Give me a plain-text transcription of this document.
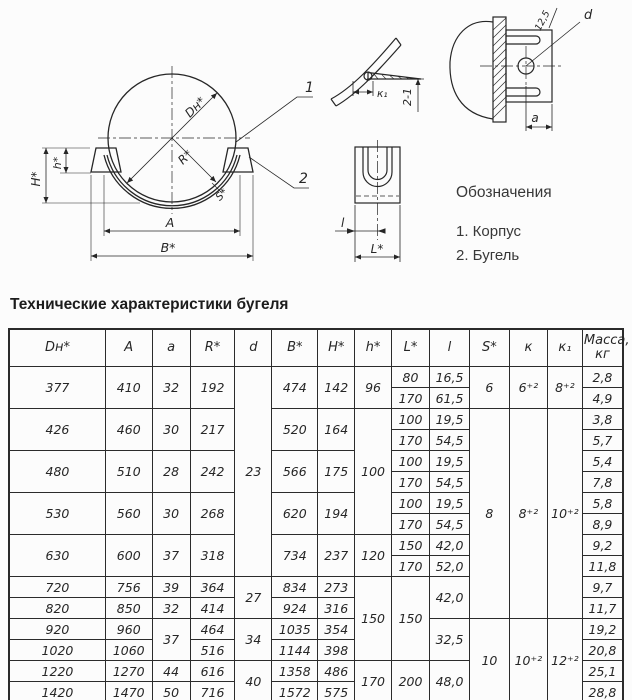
Dн*
R*
S*
A
B*
H*
h*
1
2
к₁ 2-1
12,5 d
a
l
L*
Обозначения
1. Корпус
2. Бугель
Технические характеристики бугеля
Dн*	A	a	R*	d	B*	H*	h*	L*	l	S*	к	к₁	Масса, кг
377	410	32	192	23	474	142	96	80	16,5	6	6⁺²	8⁺²	2,8
								170	61,5				4,9
426	460	30	217		520	164	100	100	19,5	8	8⁺²	10⁺²	3,8
								170	54,5				5,7
480	510	28	242		566	175		100	19,5				5,4
								170	54,5				7,8
530	560	30	268		620	194		100	19,5				5,8
								170	54,5				8,9
630	600	37	318		734	237	120	150	42,0				9,2
								170	52,0				11,8
720	756	39	364	27	834	273	150	150	42,0				9,7
820	850	32	414		924	316							11,7
920	960	37	464	34	1035	354			32,5	10	10⁺²	12⁺²	19,2
1020	1060		516		1144	398							20,8
1220	1270	44	616	40	1358	486	170	200	48,0				25,1
1420	1470	50	716		1572	575							28,8
